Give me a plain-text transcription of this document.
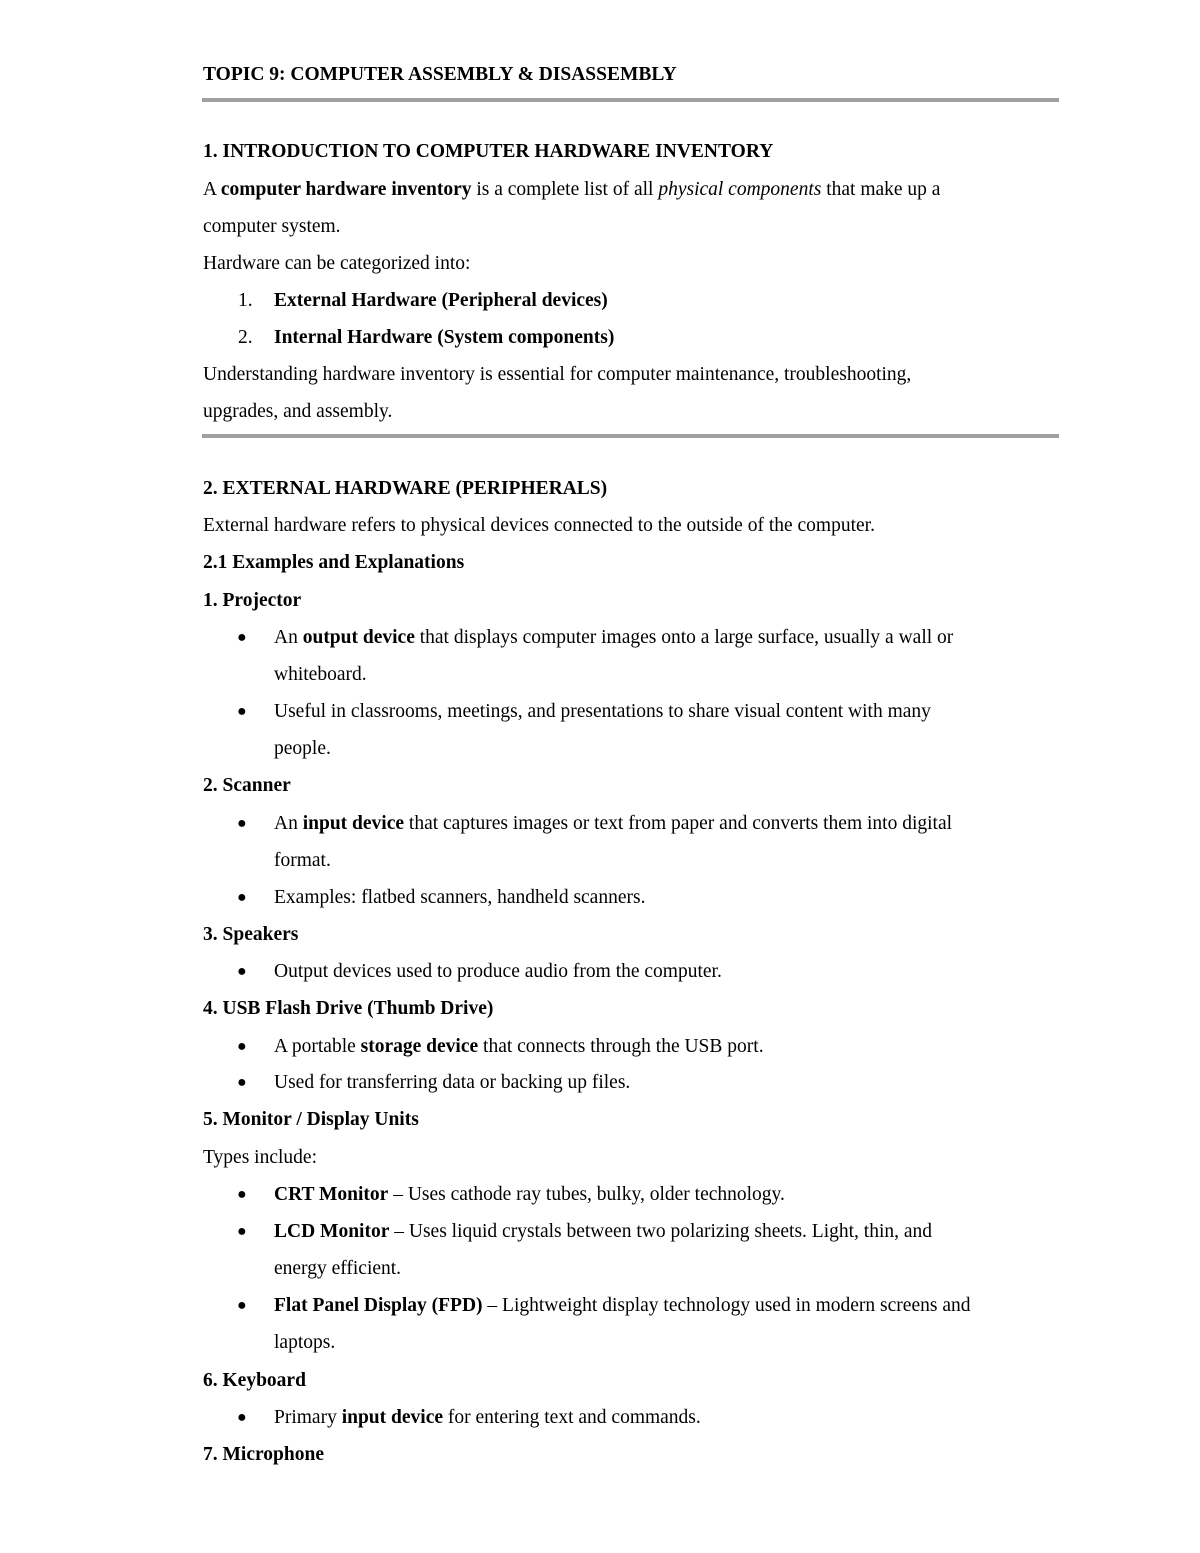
TOPIC 9: COMPUTER ASSEMBLY & DISASSEMBLY
1. INTRODUCTION TO COMPUTER HARDWARE INVENTORY
A computer hardware inventory is a complete list of all physical components that make up a
computer system.
Hardware can be categorized into:
1. External Hardware (Peripheral devices)
2. Internal Hardware (System components)
Understanding hardware inventory is essential for computer maintenance, troubleshooting,
upgrades, and assembly.
2. EXTERNAL HARDWARE (PERIPHERALS)
External hardware refers to physical devices connected to the outside of the computer.
2.1 Examples and Explanations
1. Projector
● An output device that displays computer images onto a large surface, usually a wall or
whiteboard.
● Useful in classrooms, meetings, and presentations to share visual content with many
people.
2. Scanner
● An input device that captures images or text from paper and converts them into digital
format.
● Examples: flatbed scanners, handheld scanners.
3. Speakers
● Output devices used to produce audio from the computer.
4. USB Flash Drive (Thumb Drive)
● A portable storage device that connects through the USB port.
● Used for transferring data or backing up files.
5. Monitor / Display Units
Types include:
● CRT Monitor – Uses cathode ray tubes, bulky, older technology.
● LCD Monitor – Uses liquid crystals between two polarizing sheets. Light, thin, and
energy efficient.
● Flat Panel Display (FPD) – Lightweight display technology used in modern screens and
laptops.
6. Keyboard
● Primary input device for entering text and commands.
7. Microphone
